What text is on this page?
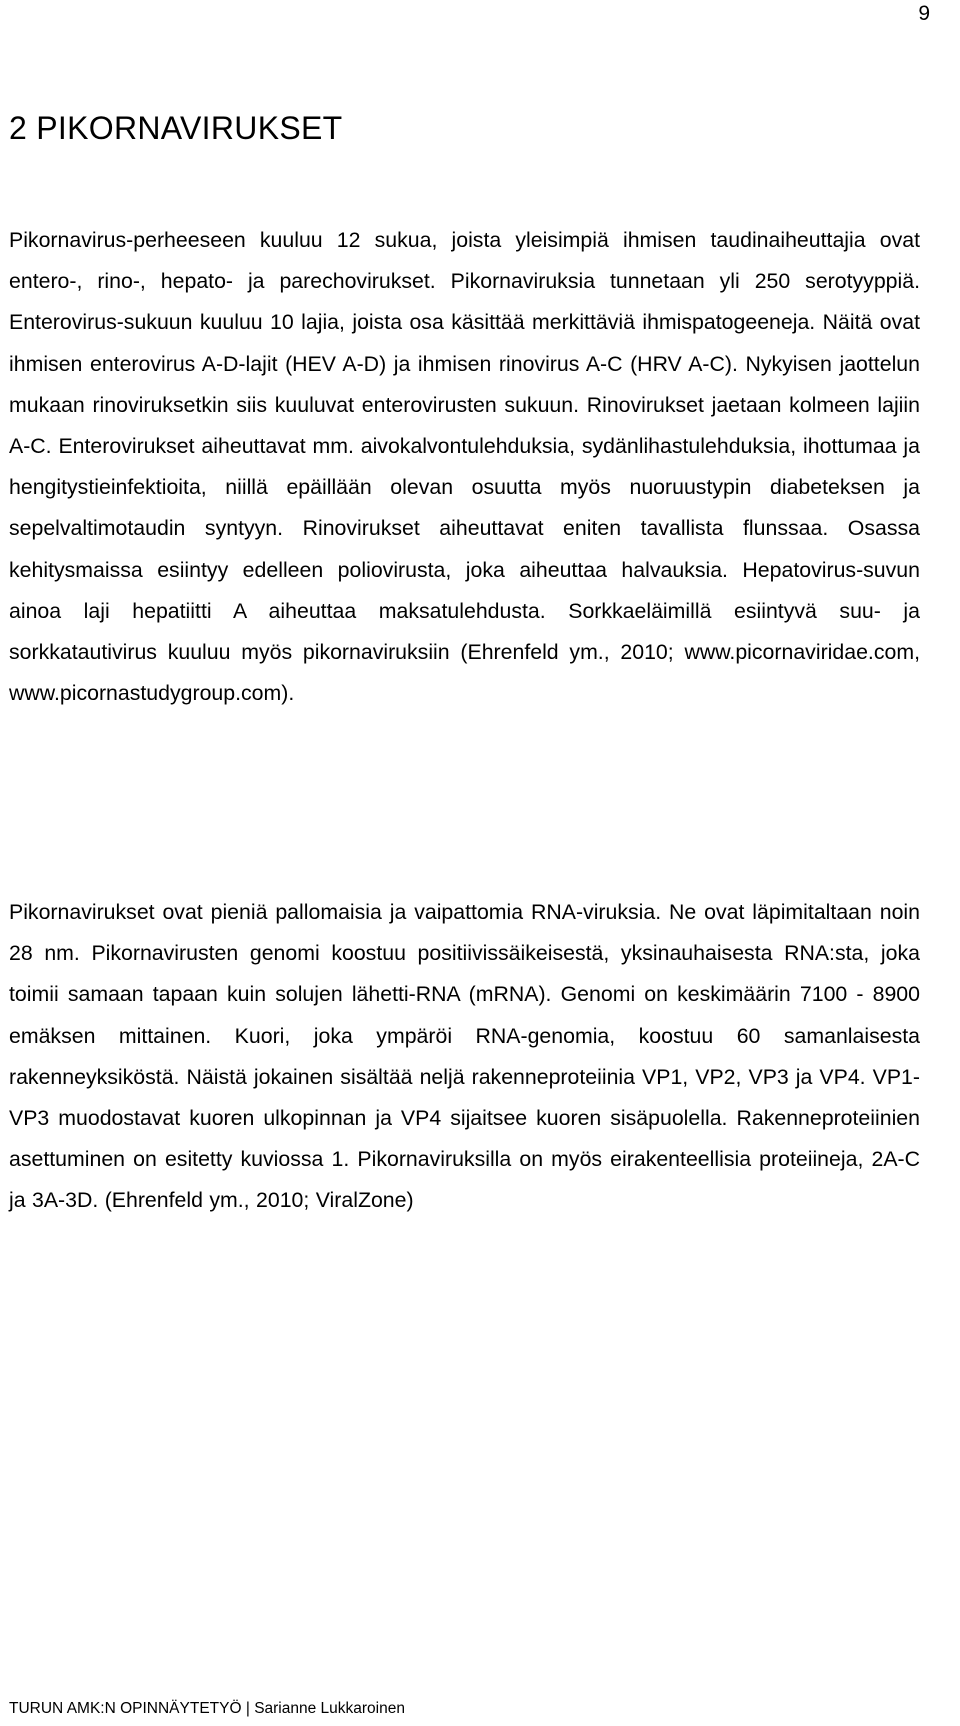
9
2 PIKORNAVIRUKSET

Pikornavirus-perheeseen kuuluu 12 sukua, joista yleisimpiä ihmisen taudinaiheuttajia ovat entero-, rino-, hepato- ja parechovirukset. Pikornaviruksia tunnetaan yli 250 serotyyppiä. Enterovirus-sukuun kuuluu 10 lajia, joista osa käsittää merkittäviä ihmispatogeeneja. Näitä ovat ihmisen enterovirus A-D-lajit (HEV A-D) ja ihmisen rinovirus A-C (HRV A-C). Nykyisen jaottelun mukaan rinoviruksetkin siis kuuluvat enterovirusten sukuun. Rinovirukset jaetaan kolmeen lajiin A-C. Enterovirukset aiheuttavat mm. aivokalvontulehduksia, sydänlihastulehduksia, ihottumaa ja hengitystieinfektioita, niillä epäillään olevan osuutta myös nuoruustypin diabeteksen ja sepelvaltimotaudin syntyyn. Rinovirukset aiheuttavat eniten tavallista flunssaa. Osassa kehitysmaissa esiintyy edelleen poliovirusta, joka aiheuttaa halvauksia. Hepatovirus-suvun ainoa laji hepatiitti A aiheuttaa maksatulehdusta. Sorkkaeläimillä esiintyvä suu- ja sorkkatautivirus kuuluu myös pikornaviruksiin (Ehrenfeld ym., 2010; www.picornaviridae.com, www.picornastudygroup.com).

Pikornavirukset ovat pieniä pallomaisia ja vaipattomia RNA-viruksia. Ne ovat läpimitaltaan noin 28 nm. Pikornavirusten genomi koostuu positiivissäikeisestä, yksinauhaisesta RNA:sta, joka toimii samaan tapaan kuin solujen lähetti-RNA (mRNA). Genomi on keskimäärin 7100 - 8900 emäksen mittainen. Kuori, joka ympäröi RNA-genomia, koostuu 60 samanlaisesta rakenneyksiköstä. Näistä jokainen sisältää neljä rakenneproteiinia VP1, VP2, VP3 ja VP4. VP1-VP3 muodostavat kuoren ulkopinnan ja VP4 sijaitsee kuoren sisäpuolella. Rakenneproteiinien asettuminen on esitetty kuviossa 1. Pikornaviruksilla on myös eirakenteellisia proteiineja, 2A-C ja 3A-3D. (Ehrenfeld ym., 2010; ViralZone)

TURUN AMK:N OPINNÄYTETYÖ | Sarianne Lukkaroinen
